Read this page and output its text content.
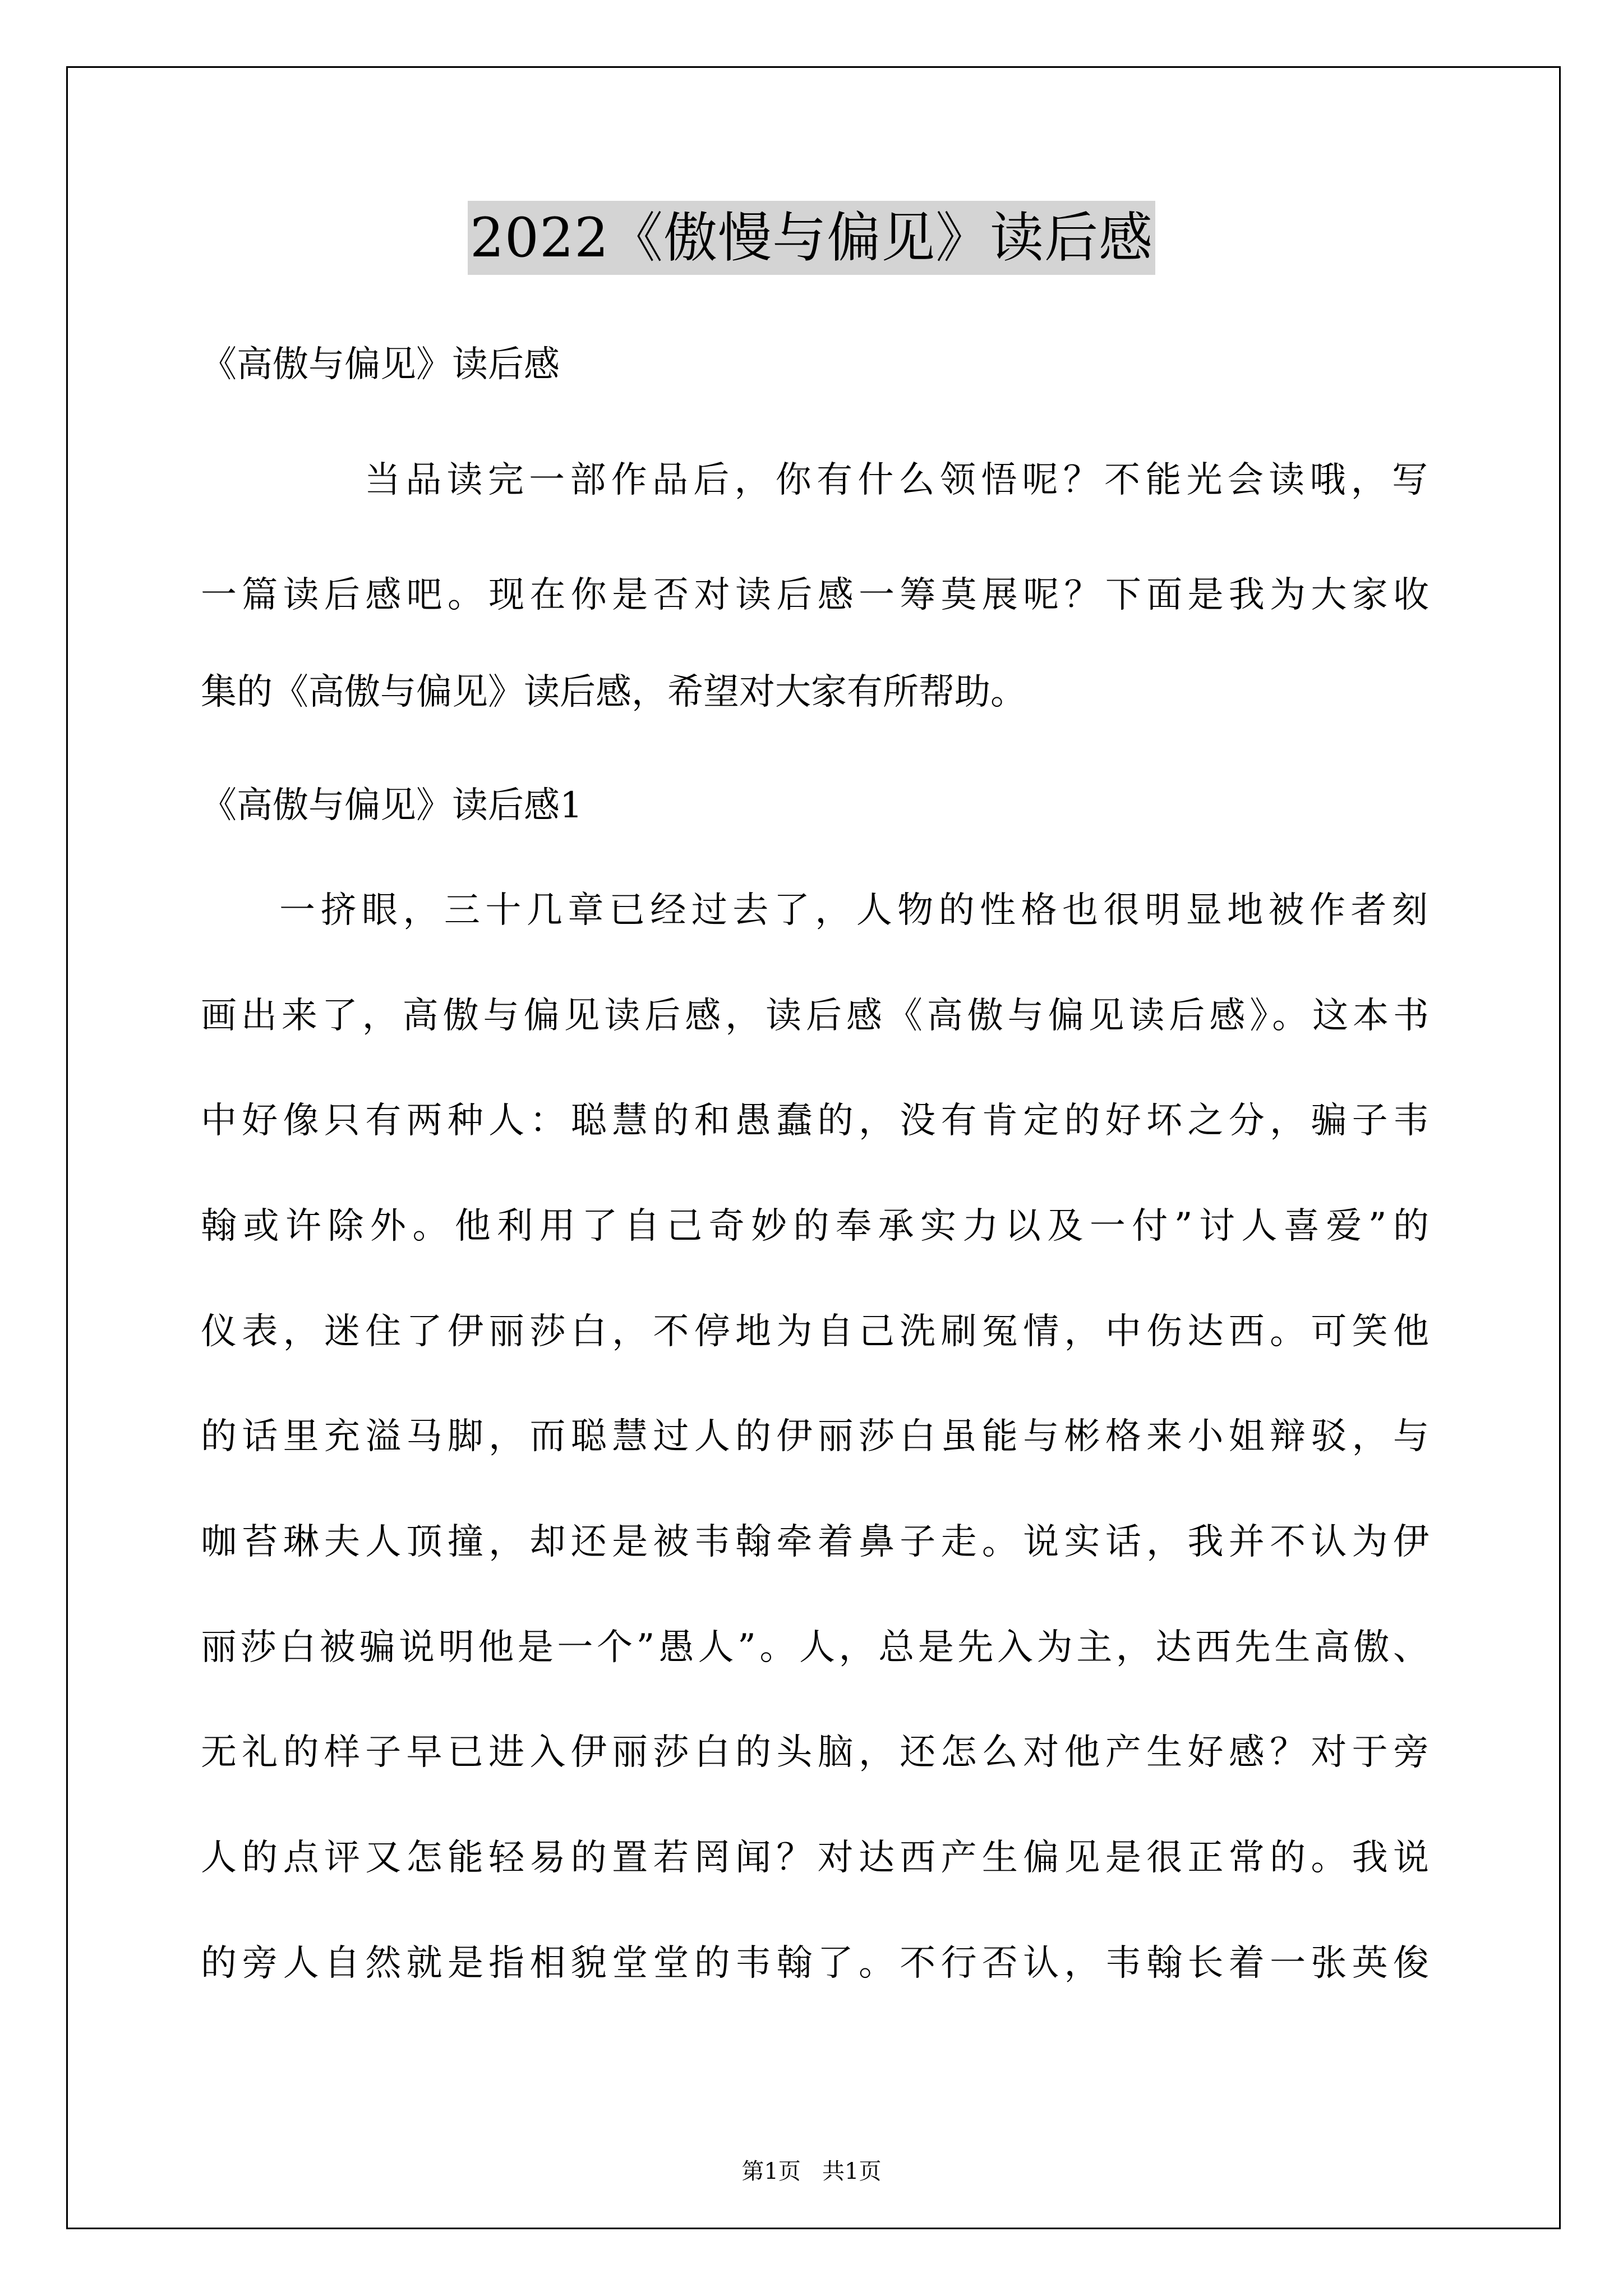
2022《傲慢与偏见》读后感
《高傲与偏见》读后感
当品读完一部作品后，你有什么领悟呢？不能光会读哦，写
一篇读后感吧。现在你是否对读后感一筹莫展呢？下面是我为大家收
集的《高傲与偏见》读后感，希望对大家有所帮助。
《高傲与偏见》读后感1
一挤眼，三十几章已经过去了，人物的性格也很明显地被作者刻
画出来了，高傲与偏见读后感，读后感《高傲与偏见读后感》。这本书
中好像只有两种人：聪慧的和愚蠢的，没有肯定的好坏之分，骗子韦
翰或许除外。他利用了自己奇妙的奉承实力以及一付”讨人喜爱”的
仪表，迷住了伊丽莎白，不停地为自己洗刷冤情，中伤达西。可笑他
的话里充溢马脚，而聪慧过人的伊丽莎白虽能与彬格来小姐辩驳，与
咖苔琳夫人顶撞，却还是被韦翰牵着鼻子走。说实话，我并不认为伊
丽莎白被骗说明他是一个”愚人”。人，总是先入为主，达西先生高傲、
无礼的样子早已进入伊丽莎白的头脑，还怎么对他产生好感？对于旁
人的点评又怎能轻易的置若罔闻？对达西产生偏见是很正常的。我说
的旁人自然就是指相貌堂堂的韦翰了。不行否认，韦翰长着一张英俊
第1页   共1页
